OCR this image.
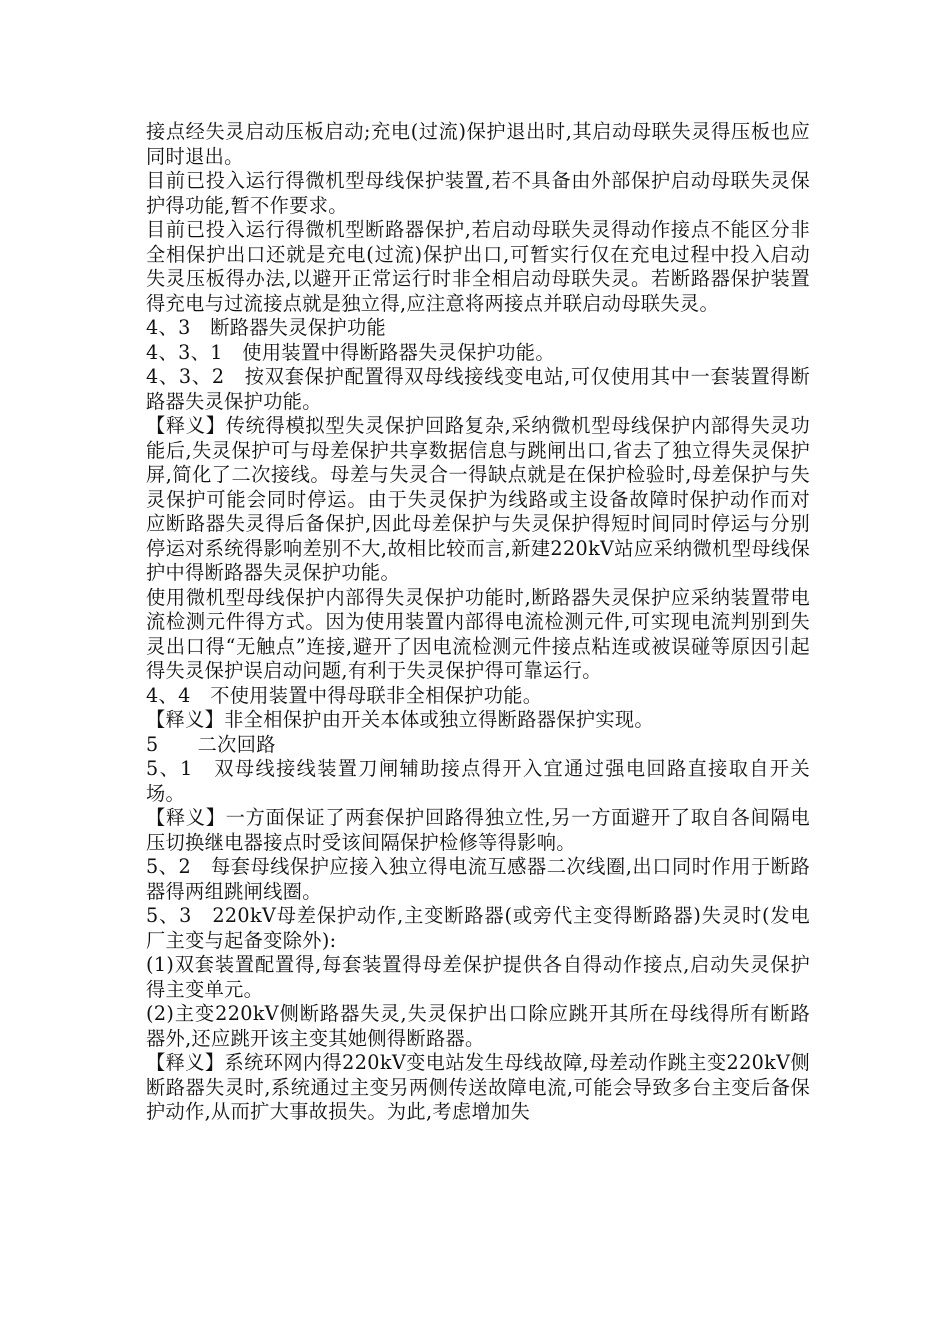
接点经失灵启动压板启动;充电(过流)保护退出时,其启动母联失灵得压板也应同时退出。

目前已投入运行得微机型母线保护装置,若不具备由外部保护启动母联失灵保护得功能,暂不作要求。

目前已投入运行得微机型断路器保护,若启动母联失灵得动作接点不能区分非全相保护出口还就是充电(过流)保护出口,可暂实行仅在充电过程中投入启动失灵压板得办法,以避开正常运行时非全相启动母联失灵。若断路器保护装置得充电与过流接点就是独立得,应注意将两接点并联启动母联失灵。

4、3　断路器失灵保护功能

4、3、1　使用装置中得断路器失灵保护功能。

4、3、2　按双套保护配置得双母线接线变电站,可仅使用其中一套装置得断路器失灵保护功能。

【释义】传统得模拟型失灵保护回路复杂,采纳微机型母线保护内部得失灵功能后,失灵保护可与母差保护共享数据信息与跳闸出口,省去了独立得失灵保护屏,简化了二次接线。母差与失灵合一得缺点就是在保护检验时,母差保护与失灵保护可能会同时停运。由于失灵保护为线路或主设备故障时保护动作而对应断路器失灵得后备保护,因此母差保护与失灵保护得短时间同时停运与分别停运对系统得影响差别不大,故相比较而言,新建220kV站应采纳微机型母线保护中得断路器失灵保护功能。

使用微机型母线保护内部得失灵保护功能时,断路器失灵保护应采纳装置带电流检测元件得方式。因为使用装置内部得电流检测元件,可实现电流判别到失灵出口得“无触点”连接,避开了因电流检测元件接点粘连或被误碰等原因引起得失灵保护误启动问题,有利于失灵保护得可靠运行。

4、4　不使用装置中得母联非全相保护功能。

【释义】非全相保护由开关本体或独立得断路器保护实现。

5　　二次回路

5、1　双母线接线装置刀闸辅助接点得开入宜通过强电回路直接取自开关场。

【释义】一方面保证了两套保护回路得独立性,另一方面避开了取自各间隔电压切换继电器接点时受该间隔保护检修等得影响。

5、2　每套母线保护应接入独立得电流互感器二次线圈,出口同时作用于断路器得两组跳闸线圈。

5、3　220kV母差保护动作,主变断路器(或旁代主变得断路器)失灵时(发电厂主变与起备变除外):

(1)双套装置配置得,每套装置得母差保护提供各自得动作接点,启动失灵保护得主变单元。

(2)主变220kV侧断路器失灵,失灵保护出口除应跳开其所在母线得所有断路器外,还应跳开该主变其她侧得断路器。

【释义】系统环网内得220kV变电站发生母线故障,母差动作跳主变220kV侧断路器失灵时,系统通过主变另两侧传送故障电流,可能会导致多台主变后备保护动作,从而扩大事故损失。为此,考虑增加失
